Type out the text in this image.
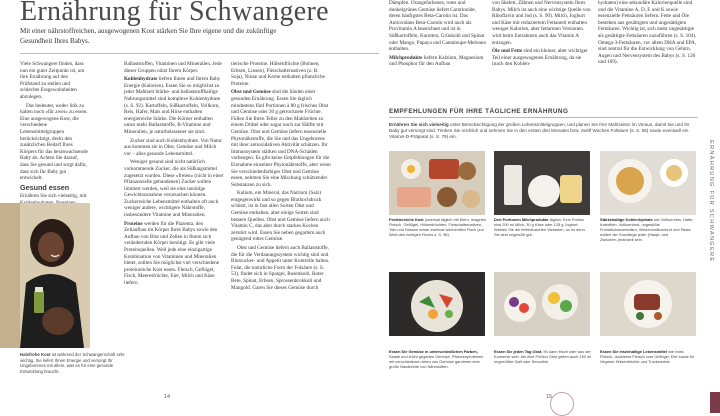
Ernährung für Schwangere
Mit einer nährstoffreichen, ausgewogenen Kost stärken Sie Ihre eigene und die zukünftige Gesundheit Ihres Babys.

Viele Schwangere finden, dass nun ein guter Zeitpunkt ist, um ihre Ernährung auf den Prüfstand zu stellen und schlechte Essgewohnheiten abzulegen.

Das bedeutet, weder litik zu halten noch »für zwei« zu essen. Eine ausgewogene Kost, die verschiedene Lebensmittelgruppen berücksichtigt, deckt den zusätzlichen Bedarf Ihres Körpers für das heranwachsende Baby ab. Achten Sie darauf, dass Sie gesund und sorgt dafür, dass sich Ihr Baby gut entwickelt.

Gesund essen

Ernähren Sie sich vielseitig, mit

Halsfrohe Kost ist während der Schwangerschaft sehr wichtig. Sie liefert Ihnen Energie und versorgt Ihr Ungeborenes mit allem, was es für eine gesunde Entwicklung braucht.

Ballaststoffen, Vitaminen und Mineralien. Jede dieser Gruppen nützt Ihrem Körper.

Kohlenhydrate liefern Ihnen und Ihrem Baby Energie (Kalorien). Essen Sie so möglichst zu jeder Mahlzeit Stärke- und ballaststoffhaltige Nahrungsmittel sind komplexe Kohlenhydrate (s. S. 92). Kartoffeln, Süßkartoffeln, Vollkorn, Reis, Hafer, Mais und Hirse enthalten energiereiche Stärke. Die Körner enthalten umso mehr Ballaststoffe, B-Vitamine und Mineralien, je naturbelassener sie sind.

Zucker sind auch Kohlenhydrate. Von Natur aus kommen sie in Obst, Gemüse und Milch vor – alles gesunde Lebensmittel.

Weniger gesund sind nicht natürlich vorkommende Zucker, die als Süßungsmittel zugesetzt wurden. Diese »freien« (nicht in einer Pflanzenzelle gebundenen) Zucker sollten limitiert werden, weil sie eine unnötige Gewichtszunahme verursachen können. Zuckerreiche Lebensmittel enthalten oft auch weniger andere, wichtigere Nährstoffe, insbesondere Vitamine und Mineralien.

Proteine werden für die Plazenta, den Zellaufbau im Körper Ihres Babys sowie den Aufbau von Blut und Zellen in Ihrem sich verändernden Körper benötigt. Es gibt viele Proteinquellen. Weil jede eine einzigartige Kombination von Vitaminen und Mineralien bietet, sollten Sie möglichst viel verschiedene proteinreiche Kost essen. Fleisch, Geflügel, Fisch, Meeresfrüchte, Eier, Milch und Käse liefern

tierische Proteine. Hülsenfrüchte (Bohnen, Erbsen, Linsen), Fleischalternativen (z. B. Soja), Nüsse und Kerne enthalten pflanzliche Proteine.

Obst und Gemüse sind die Säulen einer gesunden Ernährung. Essen Sie täglich mindestens fünf Portionen à 80 g frisches Obst und Gemüse oder 30 g getrocknete Früchte. Füllen Sie Ihren Teller zu den Mahlzeiten zu einem Drittel oder sogar noch zur Hälfte mit Gemüse. Obst und Gemüse liefern essenzielle Phytonährstoffe, die Sie und das Ungeborene mit ihrer antioxidativen Aktivität schützen. Ihr Immunsystem stärken und DNA-Schäden vorbeugen. Es gibt keine Empfehlungen für die Einnahme einzelner Phytonährstoffe, aber wenn Sie verschiedenfarbiges Obst und Gemüse essen, nehmen Sie eine Mischung schützender Substanzen zu sich.

Kalium, ein Mineral, das Natrium (Salz) entgegenwirkt und so gegen Bluthochdruck schützt, ist in fast allen Sorten Obst und Gemüse enthalten, aber einige Sorten sind bessere Quellen. Obst und Gemüse liefern auch Vitamin C, das aber durch starkes Kochen zerstört wird. Essen Sie neben gegartem auch genügend rohes Gemüse.

Obst und Gemüse liefern auch Ballaststoffe, die für die Verdauungssystem wichtig sind und Blutzucker- und Appetit unter Kontrolle halten. Folat, die natürliche Form der Folsäure (s. S. 53), findet sich in Spargel, Rosenkohl, Roter Bete, Spinat, Erbsen, Sprossenbrokkoli und Mangold. Garen Sie dieses Gemüse durch

Dämpfen. Orangefarbenes, rotes und dunkelgrünes Gemüse liefert Carotinoide, deren häufigstes Beta-Carotin ist. Das Antioxidans Beta-Carotin wird auch als Provitamin A bezeichnet und ist in Süßkartoffeln, Karotten, Grünkohl und Spinat oder Mango, Papaya und Cantaloupe-Melonen enthalten.

Milchprodukte liefern Kalzium, Magnesium und Phosphor für den Aufbau

von Skelett, Zähnen und Nervensystem Ihres Babys. Milch ist auch eine wichtige Quelle von Riboflavin und Jod (s. S. 90). Milch, Joghurt und Käse mit reduziertem Fettanteil enthalten weniger Kalorien, aber fettarmen Versionen wird beim Entrahmen auch das Vitamin A entzogen.

Öle und Fette sind ein kleiner, aber wichtiger Teil einer ausgewogenen Ernährung, da sie (nach den Kohlen-

hydraten) eine sekundäre Kalorienquelle sind und die Vitamine A, D, E und K sowie essenzielle Fettsäuren liefern. Fette und Öle bestehen aus gesättigten und ungesättigten Fettsäuren. Wichtig ist, sich mehr ungesättigte als gesättigte Fettsäuren zuzuführen (s. S. 104). Omega-3-Fettsäuren, vor allem DHA und EPA, sind zentral für die Entwicklung von Gehirn, Augen und Nervensystem des Babys (s. S. 126 und 169).

EMPFEHLUNGEN FÜR IHRE TÄGLICHE ERNÄHRUNG
Ernähren Sie sich vielseitig unter Berücksichtigung der großen Lebensmittelgruppen, und planen Sie Ihre Mahlzeiten im Voraus, damit Sie und Ihr Baby gut versorgt sind. Trinken Sie reichlich und nehmen Sie in den ersten drei Monaten bzw. zwölf Wochen Folsäure (s. S. 55) sowie eventuell ein Vitamin-D-Präparat (s. S. 79) ein.
Proteinreiche Kost (zweimal täglich mit Eiern, mageres Fleisch, Geflügel, Hülsenfrüchten, Fleischalternativen, Tofu und Nüssen sowie zweimal wöchentlich Fisch (zur Wahl des richtigen Fischs s. S. 96).
Drei Portionen Milchprodukte täglich: Eine Portion sind 200 ml Milch, 30 g Käse oder 125 g Joghurt. Wählen Sie die fettreduzierten Varianten, so es denn. Sie sind ungesüßt gut.
Stärkehaltige Kohlenhydrate wie Vollkornreis, Hafer, Kartoffeln, Vollkornbrot, ungesüßte Frühstücksscerealien, Weizenvollkornbrot und Pasta sollten die Grundlage jeder (Haupt- und Zwischen-)mahlzeit sein.
Essen Sie Gemüse in unterschiedlichen Farben, Salate und leicht gegartes Gemüse. Pflanzenproteinen mit verschiedenen Arten von Gemüse garnieren eine große Bandbreite von Nährstoffen.
Essen Sie jeden Tag Obst. Es kann frisch oder aus der Konserve sein. Als eine Portion Obst gelten auch 150 ml ungesüßter Saft oder Smoothie.
Essen Sie eisenhaltige Lebensmittel wie rotes Fleisch, dunkleres Fleisch vom Geflügel, Eier sowie für Veganer Hülsenfrüchte und Trockenobst.
ERNÄHRUNG FÜR SCHWANGERE
14	15
